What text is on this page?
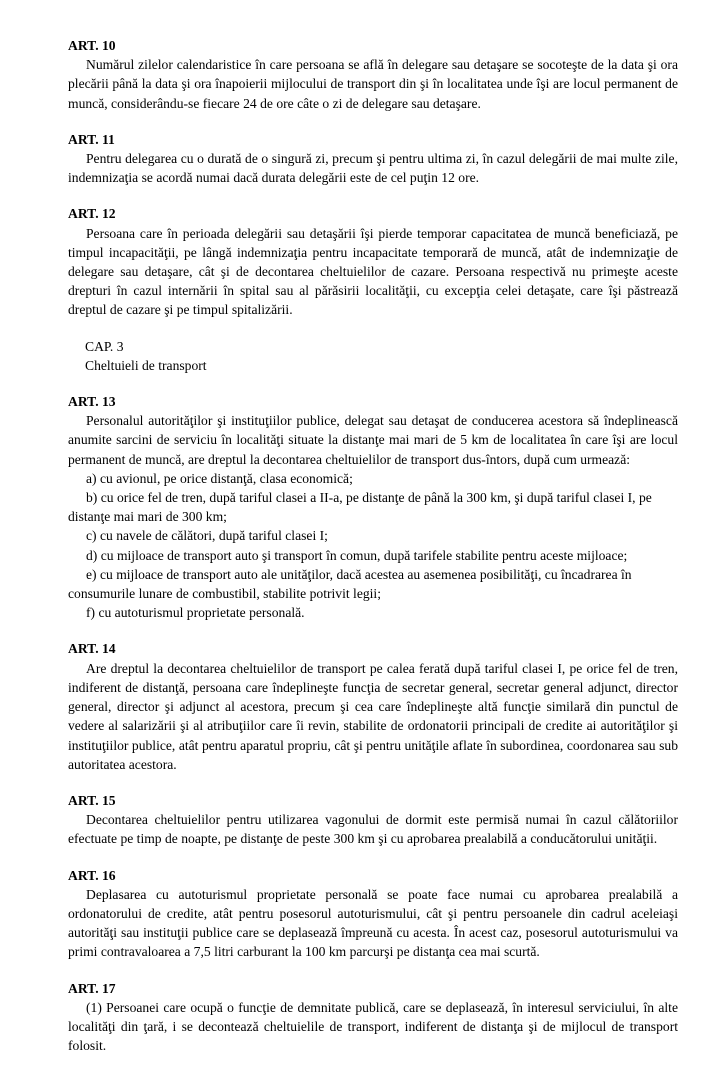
ART. 10
Numărul zilelor calendaristice în care persoana se află în delegare sau detaşare se socoteşte de la data şi ora plecării până la data şi ora înapoierii mijlocului de transport din şi în localitatea unde îşi are locul permanent de muncă, considerându-se fiecare 24 de ore câte o zi de delegare sau detaşare.
ART. 11
Pentru delegarea cu o durată de o singură zi, precum şi pentru ultima zi, în cazul delegării de mai multe zile, indemnizaţia se acordă numai dacă durata delegării este de cel puţin 12 ore.
ART. 12
Persoana care în perioada delegării sau detaşării îşi pierde temporar capacitatea de muncă beneficiază, pe timpul incapacităţii, pe lângă indemnizaţia pentru incapacitate temporară de muncă, atât de indemnizaţie de delegare sau detaşare, cât şi de decontarea cheltuielilor de cazare. Persoana respectivă nu primeşte aceste drepturi în cazul internării în spital sau al părăsirii localităţii, cu excepţia celei detaşate, care îşi păstrează dreptul de cazare şi pe timpul spitalizării.
CAP. 3
Cheltuieli de transport
ART. 13
Personalul autorităţilor şi instituţiilor publice, delegat sau detaşat de conducerea acestora să îndeplinească anumite sarcini de serviciu în localităţi situate la distanţe mai mari de 5 km de localitatea în care îşi are locul permanent de muncă, are dreptul la decontarea cheltuielilor de transport dus-întors, după cum urmează:
a) cu avionul, pe orice distanţă, clasa economică;
b) cu orice fel de tren, după tariful clasei a II-a, pe distanţe de până la 300 km, şi după tariful clasei I, pe distanţe mai mari de 300 km;
c) cu navele de călători, după tariful clasei I;
d) cu mijloace de transport auto şi transport în comun, după tarifele stabilite pentru aceste mijloace;
e) cu mijloace de transport auto ale unităţilor, dacă acestea au asemenea posibilităţi, cu încadrarea în consumurile lunare de combustibil, stabilite potrivit legii;
f) cu autoturismul proprietate personală.
ART. 14
Are dreptul la decontarea cheltuielilor de transport pe calea ferată după tariful clasei I, pe orice fel de tren, indiferent de distanţă, persoana care îndeplineşte funcţia de secretar general, secretar general adjunct, director general, director şi adjunct al acestora, precum şi cea care îndeplineşte altă funcţie similară din punctul de vedere al salarizării şi al atribuţiilor care îi revin, stabilite de ordonatorii principali de credite ai autorităţilor şi instituţiilor publice, atât pentru aparatul propriu, cât şi pentru unităţile aflate în subordinea, coordonarea sau sub autoritatea acestora.
ART. 15
Decontarea cheltuielilor pentru utilizarea vagonului de dormit este permisă numai în cazul călătoriilor efectuate pe timp de noapte, pe distanţe de peste 300 km şi cu aprobarea prealabilă a conducătorului unităţii.
ART. 16
Deplasarea cu autoturismul proprietate personală se poate face numai cu aprobarea prealabilă a ordonatorului de credite, atât pentru posesorul autoturismului, cât şi pentru persoanele din cadrul aceleiaşi autorităţi sau instituţii publice care se deplasează împreună cu acesta. În acest caz, posesorul autoturismului va primi contravaloarea a 7,5 litri carburant la 100 km parcurşi pe distanţa cea mai scurtă.
ART. 17
(1) Persoanei care ocupă o funcţie de demnitate publică, care se deplasează, în interesul serviciului, în alte localităţi din ţară, i se decontează cheltuielile de transport, indiferent de distanţa şi de mijlocul de transport folosit.
